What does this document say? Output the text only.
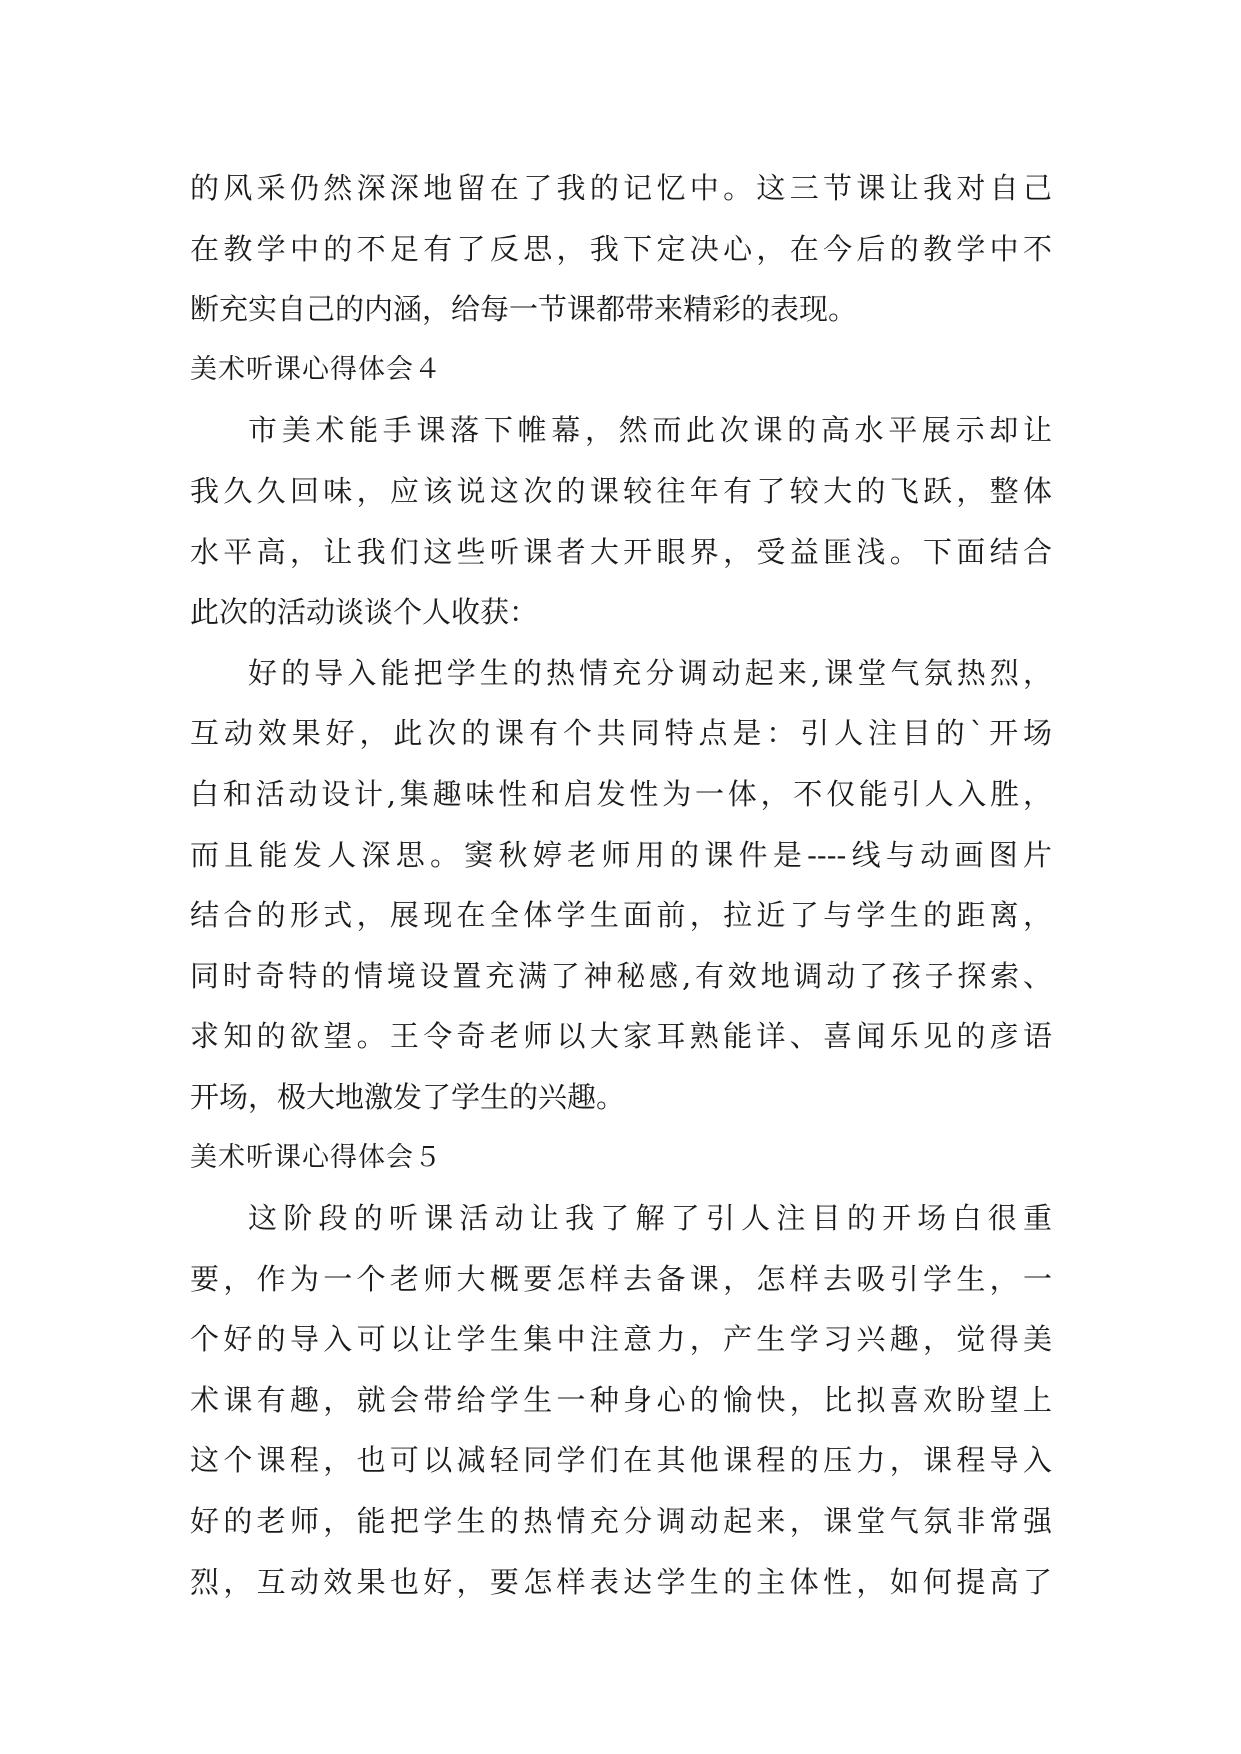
的风采仍然深深地留在了我的记忆中。这三节课让我对自己
在教学中的不足有了反思，我下定决心，在今后的教学中不
断充实自己的内涵，给每一节课都带来精彩的表现。
美术听课心得体会４
市美术能手课落下帷幕，然而此次课的高水平展示却让
我久久回味，应该说这次的课较往年有了较大的飞跃，整体
水平高，让我们这些听课者大开眼界，受益匪浅。下面结合
此次的活动谈谈个人收获：
好的导入能把学生的热情充分调动起来,课堂气氛热烈，
互动效果好，此次的课有个共同特点是：引人注目的`开场
白和活动设计,集趣味性和启发性为一体，不仅能引人入胜，
而且能发人深思。窦秋婷老师用的课件是----线与动画图片
结合的形式，展现在全体学生面前，拉近了与学生的距离，
同时奇特的情境设置充满了神秘感,有效地调动了孩子探索、
求知的欲望。王令奇老师以大家耳熟能详、喜闻乐见的彦语
开场，极大地激发了学生的兴趣。
美术听课心得体会５
这阶段的听课活动让我了解了引人注目的开场白很重
要，作为一个老师大概要怎样去备课，怎样去吸引学生，一
个好的导入可以让学生集中注意力，产生学习兴趣，觉得美
术课有趣，就会带给学生一种身心的愉快，比拟喜欢盼望上
这个课程，也可以减轻同学们在其他课程的压力，课程导入
好的老师，能把学生的热情充分调动起来，课堂气氛非常强
烈，互动效果也好，要怎样表达学生的主体性，如何提高了
